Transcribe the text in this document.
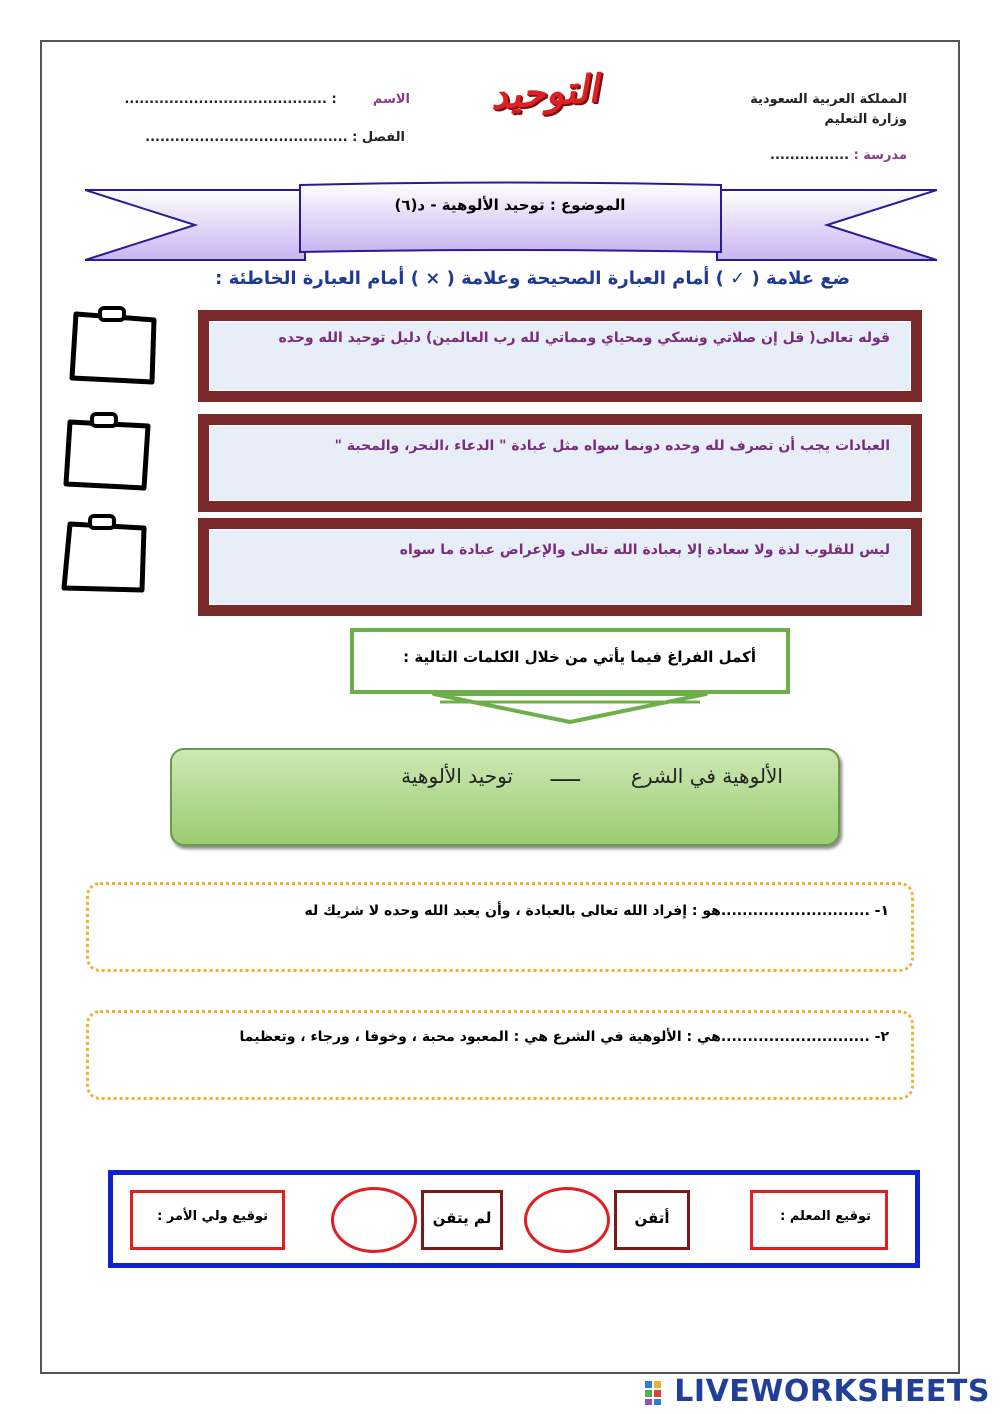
المملكة العربية السعودية
وزارة التعليم
مدرسة : ................
التوحيد
الاسم        : .........................................
الفصل : .........................................
الموضوع : توحيد الألوهية - د(٦)
ضع علامة ( ✓ ) أمام العبارة الصحيحة وعلامة ( × ) أمام العبارة الخاطئة :
قوله تعالى( قل إن صلاتي ونسكي ومحياي ومماتي لله رب العالمين) دليل توحيد الله وحده
العبادات يجب أن تصرف لله وحده دونما سواه مثل عبادة " الدعاء ،النحر، والمحبة "
ليس للقلوب لذة ولا سعادة إلا بعبادة الله تعالى والإعراض عبادة ما سواه
أكمل الفراغ فيما يأتي من خلال الكلمات التالية :
الألوهية في الشرع
ـــــ
توحيد الألوهية
١- ............................هو : إفراد الله تعالى بالعبادة ، وأن يعبد الله وحده لا شريك له
٢- ............................هي : الألوهية في الشرع هي : المعبود محبة ، وخوفا ، ورجاء ، وتعظيما
توقيع المعلم :
أتقن
لم يتقن
توقيع ولي الأمر :
LIVEWORKSHEETS
